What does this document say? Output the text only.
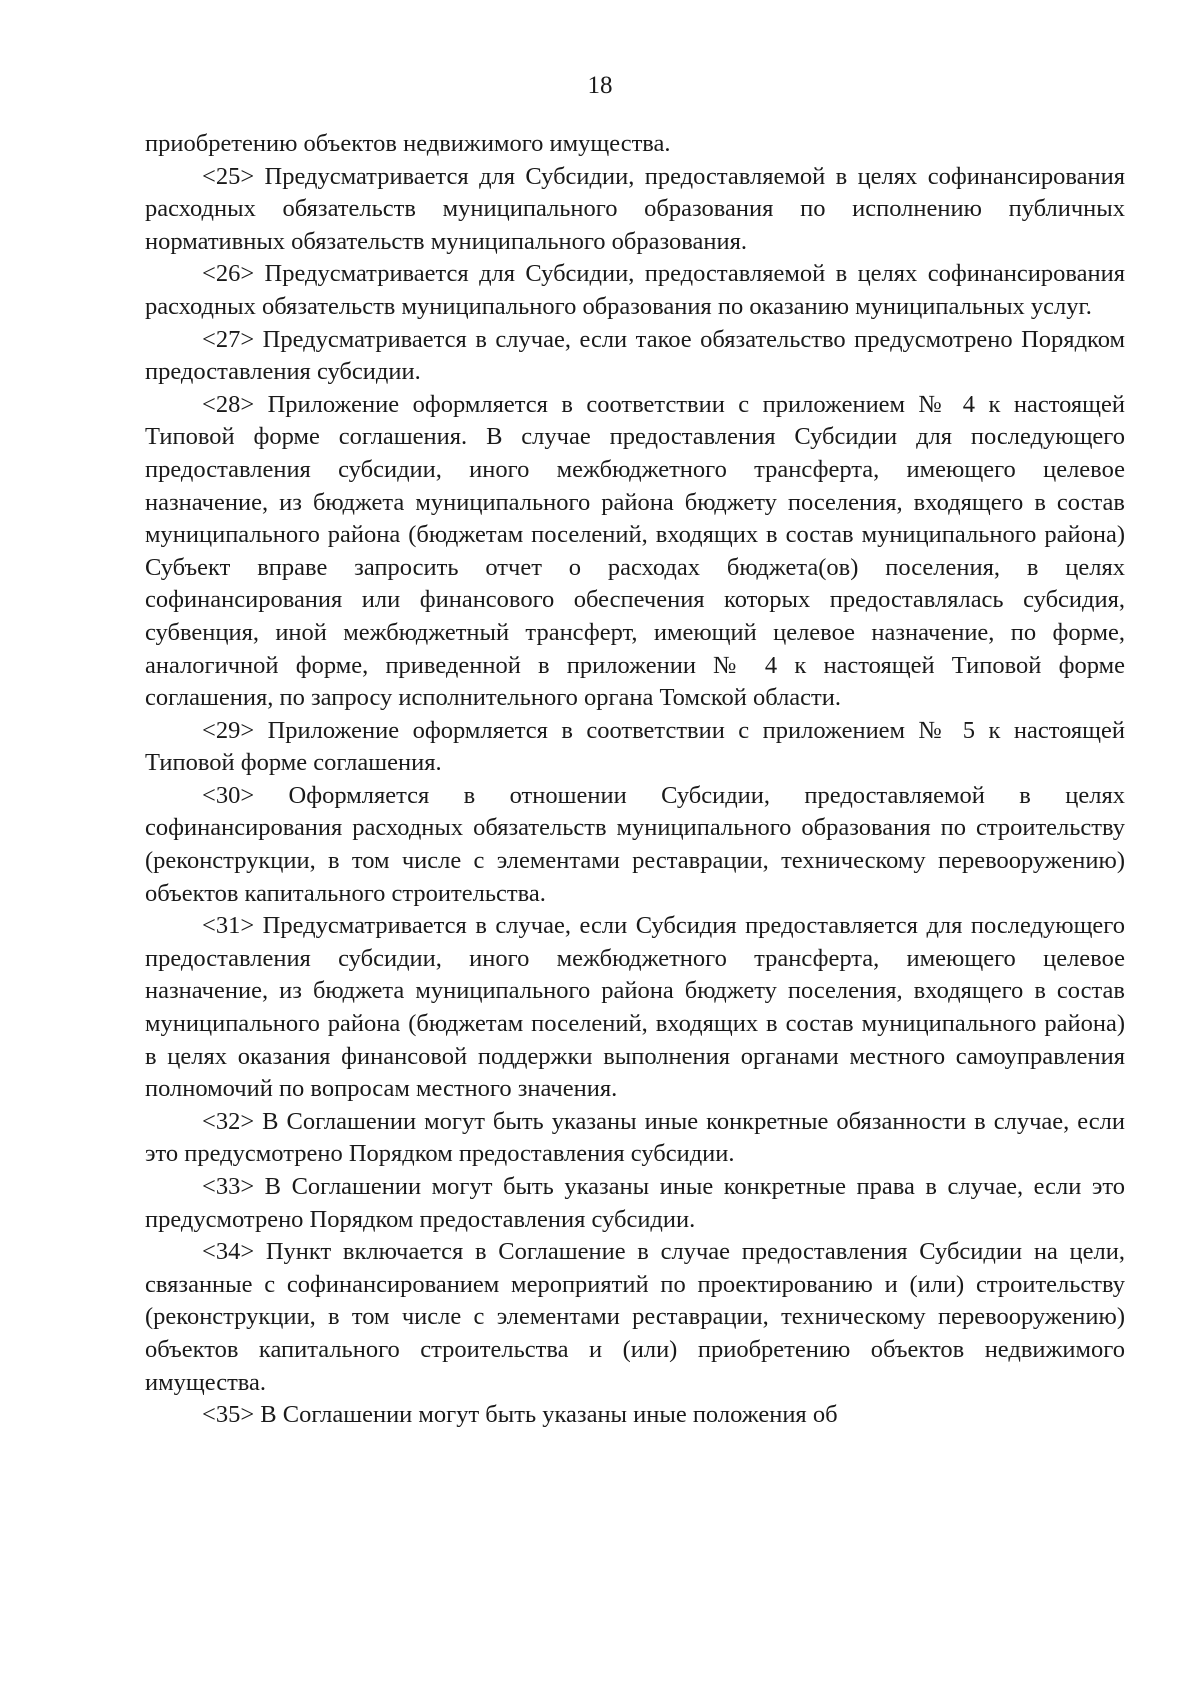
18

приобретению объектов недвижимого имущества.

<25> Предусматривается для Субсидии, предоставляемой в целях софинансирования расходных обязательств муниципального образования по исполнению публичных нормативных обязательств муниципального образования.

<26> Предусматривается для Субсидии, предоставляемой в целях софинансирования расходных обязательств муниципального образования по оказанию муниципальных услуг.

<27> Предусматривается в случае, если такое обязательство предусмотрено Порядком предоставления субсидии.

<28> Приложение оформляется в соответствии с приложением № 4 к настоящей Типовой форме соглашения. В случае предоставления Субсидии для последующего предоставления субсидии, иного межбюджетного трансферта, имеющего целевое назначение, из бюджета муниципального района бюджету поселения, входящего в состав муниципального района (бюджетам поселений, входящих в состав муниципального района) Субъект вправе запросить отчет о расходах бюджета(ов) поселения, в целях софинансирования или финансового обеспечения которых предоставлялась субсидия, субвенция, иной межбюджетный трансферт, имеющий целевое назначение, по форме, аналогичной форме, приведенной в приложении № 4 к настоящей Типовой форме соглашения, по запросу исполнительного органа Томской области.

<29> Приложение оформляется в соответствии с приложением № 5 к настоящей Типовой форме соглашения.

<30> Оформляется в отношении Субсидии, предоставляемой в целях софинансирования расходных обязательств муниципального образования по строительству (реконструкции, в том числе с элементами реставрации, техническому перевооружению) объектов капитального строительства.

<31> Предусматривается в случае, если Субсидия предоставляется для последующего предоставления субсидии, иного межбюджетного трансферта, имеющего целевое назначение, из бюджета муниципального района бюджету поселения, входящего в состав муниципального района (бюджетам поселений, входящих в состав муниципального района) в целях оказания финансовой поддержки выполнения органами местного самоуправления полномочий по вопросам местного значения.

<32> В Соглашении могут быть указаны иные конкретные обязанности в случае, если это предусмотрено Порядком предоставления субсидии.

<33> В Соглашении могут быть указаны иные конкретные права в случае, если это предусмотрено Порядком предоставления субсидии.

<34> Пункт включается в Соглашение в случае предоставления Субсидии на цели, связанные с софинансированием мероприятий по проектированию и (или) строительству (реконструкции, в том числе с элементами реставрации, техническому перевооружению) объектов капитального строительства и (или) приобретению объектов недвижимого имущества.

<35> В Соглашении могут быть указаны иные положения об
